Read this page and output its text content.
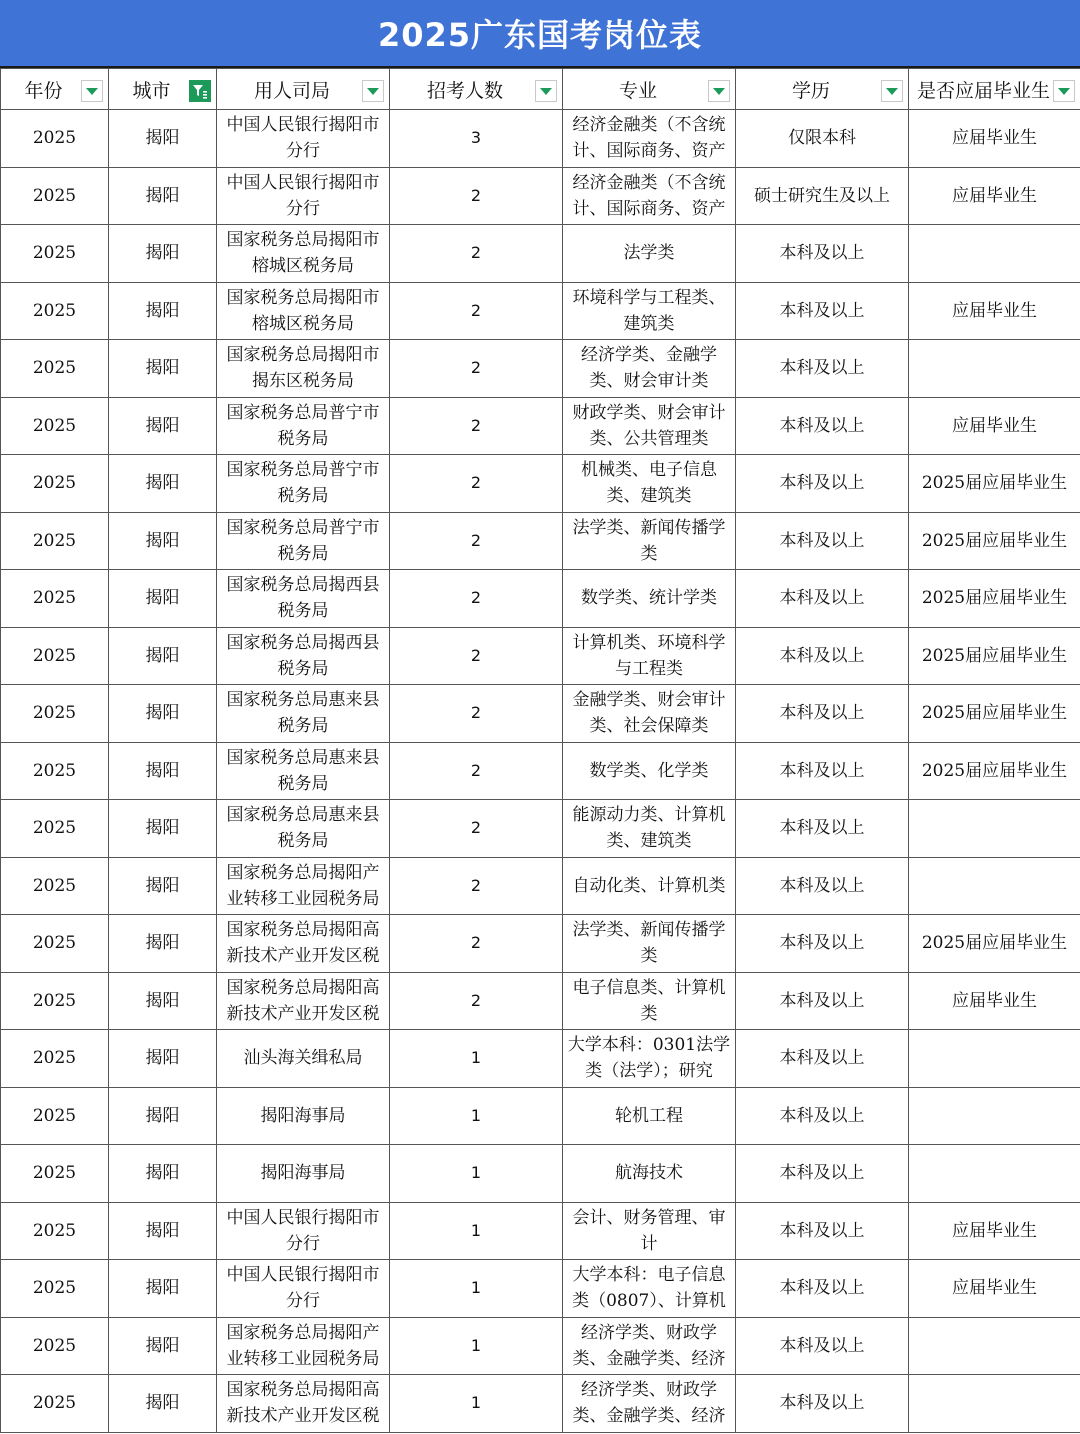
2025广东国考岗位表
年份	城市	用人司局	招考人数	专业	学历	是否应届毕业生

2025	揭阳	中国人民银行揭阳市分行	3	经济金融类（不含统计、国际商务、资产	仅限本科	应届毕业生

2025	揭阳	中国人民银行揭阳市分行	2	经济金融类（不含统计、国际商务、资产	硕士研究生及以上	应届毕业生

2025	揭阳	国家税务总局揭阳市榕城区税务局	2	法学类	本科及以上	

2025	揭阳	国家税务总局揭阳市榕城区税务局	2	环境科学与工程类、建筑类	本科及以上	应届毕业生

2025	揭阳	国家税务总局揭阳市揭东区税务局	2	经济学类、金融学类、财会审计类	本科及以上	

2025	揭阳	国家税务总局普宁市税务局	2	财政学类、财会审计类、公共管理类	本科及以上	应届毕业生

2025	揭阳	国家税务总局普宁市税务局	2	机械类、电子信息类、建筑类	本科及以上	2025届应届毕业生

2025	揭阳	国家税务总局普宁市税务局	2	法学类、新闻传播学类	本科及以上	2025届应届毕业生

2025	揭阳	国家税务总局揭西县税务局	2	数学类、统计学类	本科及以上	2025届应届毕业生

2025	揭阳	国家税务总局揭西县税务局	2	计算机类、环境科学与工程类	本科及以上	2025届应届毕业生

2025	揭阳	国家税务总局惠来县税务局	2	金融学类、财会审计类、社会保障类	本科及以上	2025届应届毕业生

2025	揭阳	国家税务总局惠来县税务局	2	数学类、化学类	本科及以上	2025届应届毕业生

2025	揭阳	国家税务总局惠来县税务局	2	能源动力类、计算机类、建筑类	本科及以上	

2025	揭阳	国家税务总局揭阳产业转移工业园税务局	2	自动化类、计算机类	本科及以上	

2025	揭阳	国家税务总局揭阳高新技术产业开发区税	2	法学类、新闻传播学类	本科及以上	2025届应届毕业生

2025	揭阳	国家税务总局揭阳高新技术产业开发区税	2	电子信息类、计算机类	本科及以上	应届毕业生

2025	揭阳	汕头海关缉私局	1	大学本科：0301法学类（法学）；研究	本科及以上	

2025	揭阳	揭阳海事局	1	轮机工程	本科及以上	

2025	揭阳	揭阳海事局	1	航海技术	本科及以上	

2025	揭阳	中国人民银行揭阳市分行	1	会计、财务管理、审计	本科及以上	应届毕业生

2025	揭阳	中国人民银行揭阳市分行	1	大学本科：电子信息类（0807）、计算机	本科及以上	应届毕业生

2025	揭阳	国家税务总局揭阳产业转移工业园税务局	1	经济学类、财政学类、金融学类、经济	本科及以上	

2025	揭阳	国家税务总局揭阳高新技术产业开发区税	1	经济学类、财政学类、金融学类、经济	本科及以上	
